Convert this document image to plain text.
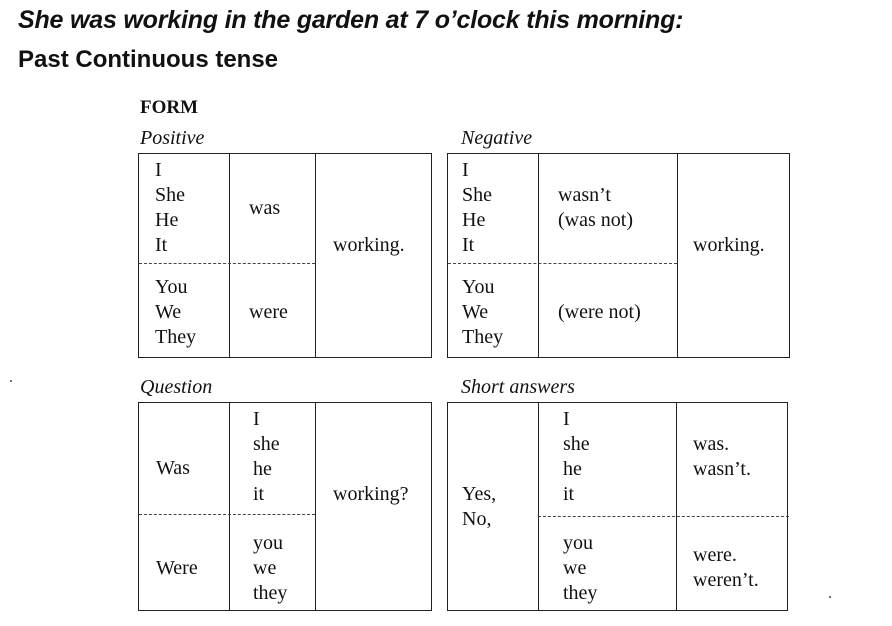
She was working in the garden at 7 o’clock this morning:
Past Continuous tense
FORM
Positive
I
She
He
It
was
You
We
They
were
working.
Negative
I
She
He
It
wasn’t
(was not)
You
We
They
(were not)
working.
Question
Was
I
she
he
it
Were
you
we
they
working?
Short answers
Yes,
No,
I
she
he
it
was.
wasn’t.
you
we
they
were.
weren’t.
